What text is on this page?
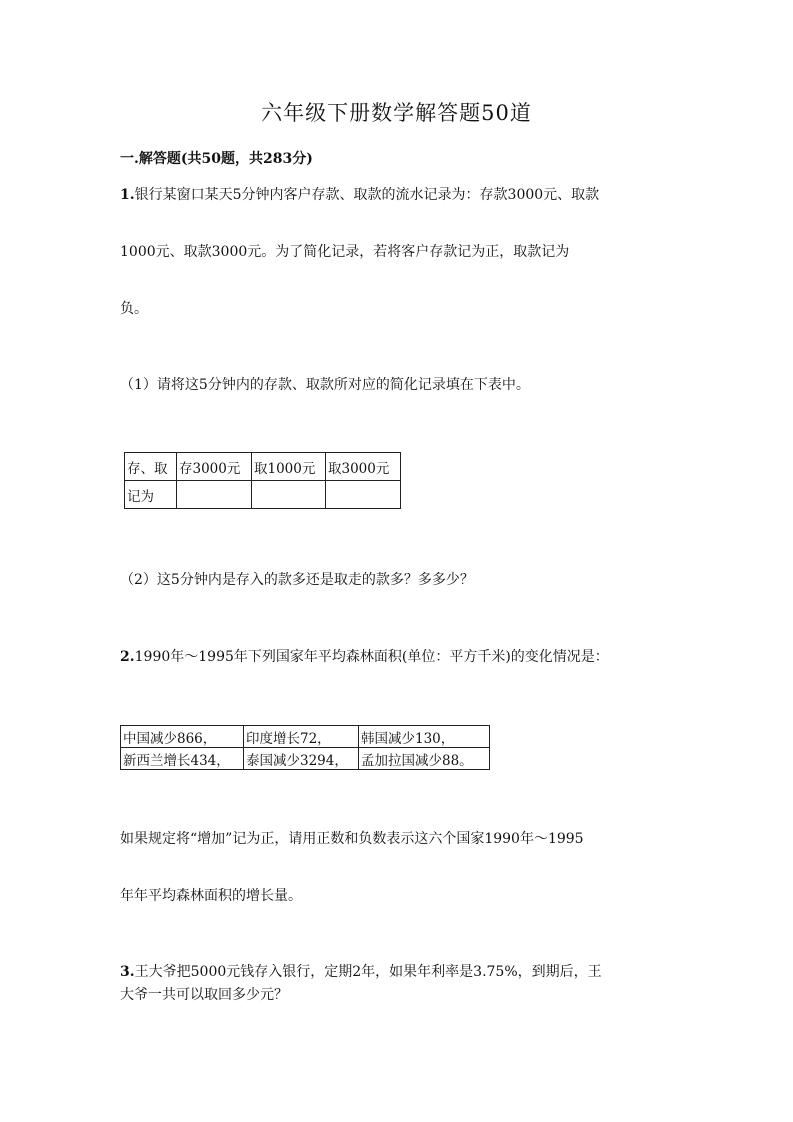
六年级下册数学解答题50道
一.解答题(共50题，共283分)
1.银行某窗口某天5分钟内客户存款、取款的流水记录为：存款3000元、取款
1000元、取款3000元。为了简化记录，若将客户存款记为正，取款记为
负。
（1）请将这5分钟内的存款、取款所对应的简化记录填在下表中。
存、取	存3000元	取1000元	取3000元
记为			
（2）这5分钟内是存入的款多还是取走的款多？多多少？
2.1990年～1995年下列国家年平均森林面积(单位：平方千米)的变化情况是：
中国减少866，	印度增长72，	韩国减少130，
新西兰增长434，	泰国减少3294，	孟加拉国减少88。
如果规定将“增加”记为正，请用正数和负数表示这六个国家1990年～1995
年年平均森林面积的增长量。
3.王大爷把5000元钱存入银行，定期2年，如果年利率是3.75%，到期后，王
大爷一共可以取回多少元？
